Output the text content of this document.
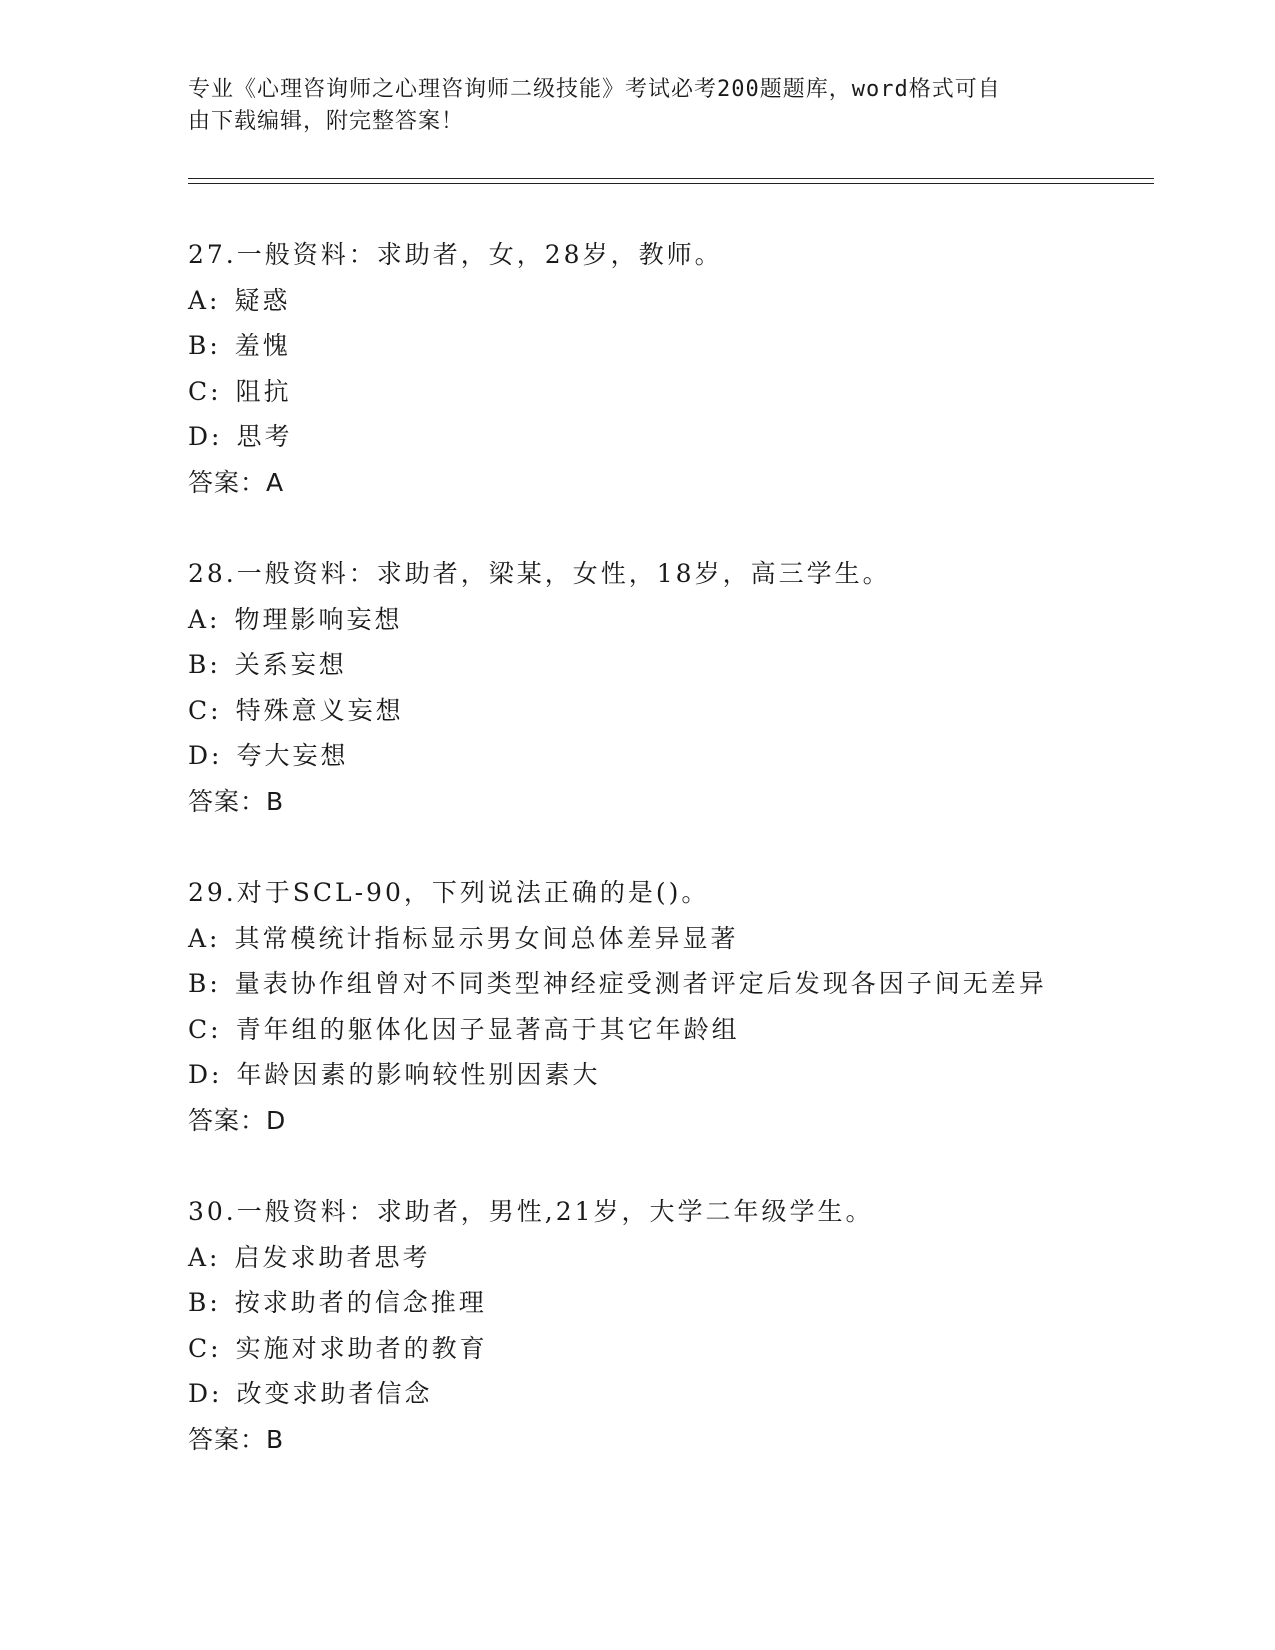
专业《心理咨询师之心理咨询师二级技能》考试必考200题题库，word格式可自
由下载编辑，附完整答案！
27.一般资料：求助者，女，28岁，教师。
A: 疑惑
B: 羞愧
C: 阻抗
D: 思考
答案：A
28.一般资料：求助者，梁某，女性，18岁，高三学生。
A: 物理影响妄想
B: 关系妄想
C: 特殊意义妄想
D: 夸大妄想
答案：B
29.对于SCL-90，下列说法正确的是()。
A: 其常模统计指标显示男女间总体差异显著
B: 量表协作组曾对不同类型神经症受测者评定后发现各因子间无差异
C: 青年组的躯体化因子显著高于其它年龄组
D: 年龄因素的影响较性别因素大
答案：D
30.一般资料：求助者，男性,21岁，大学二年级学生。
A: 启发求助者思考
B: 按求助者的信念推理
C: 实施对求助者的教育
D: 改变求助者信念
答案：B
